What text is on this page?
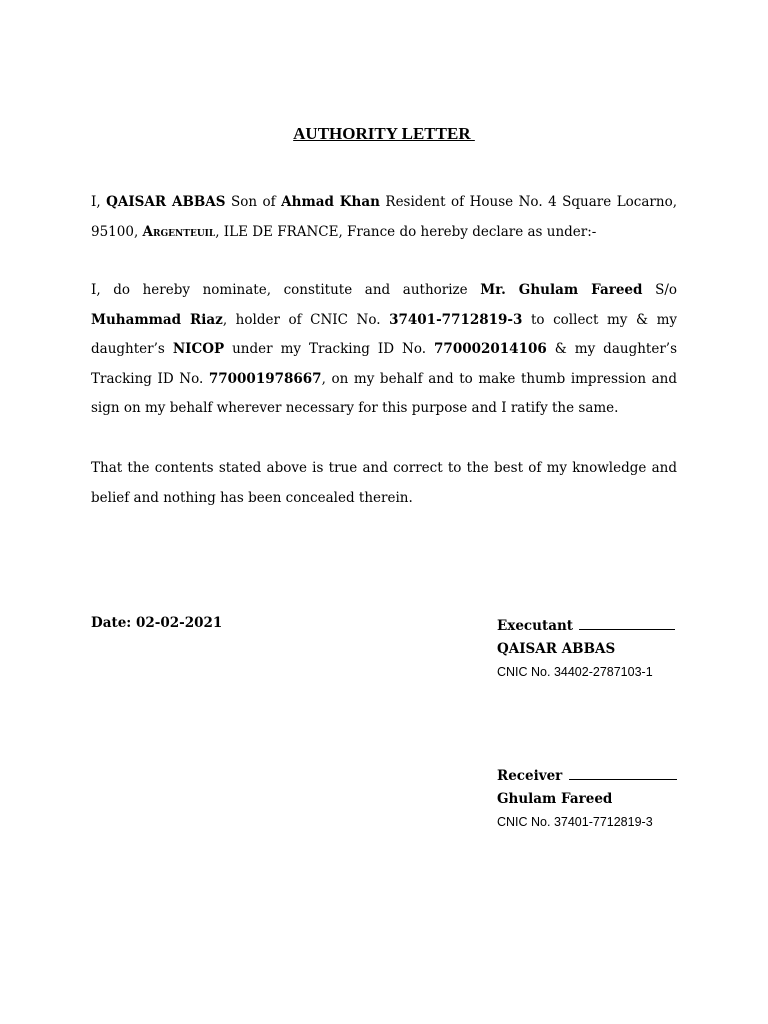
AUTHORITY LETTER
I, QAISAR ABBAS Son of Ahmad Khan Resident of House No. 4 Square Locarno, 95100, Argenteuil, ILE DE FRANCE, France do hereby declare as under:-
I, do hereby nominate, constitute and authorize Mr. Ghulam Fareed S/o Muhammad Riaz, holder of CNIC No. 37401-7712819-3 to collect my & my daughter’s NICOP under my Tracking ID No. 770002014106 & my daughter’s Tracking ID No. 770001978667, on my behalf and to make thumb impression and sign on my behalf wherever necessary for this purpose and I ratify the same.
That the contents stated above is true and correct to the best of my knowledge and belief and nothing has been concealed therein.
Date: 02-02-2021	Executant
QAISAR ABBAS
CNIC No. 34402-2787103-1
Receiver
Ghulam Fareed
CNIC No. 37401-7712819-3
